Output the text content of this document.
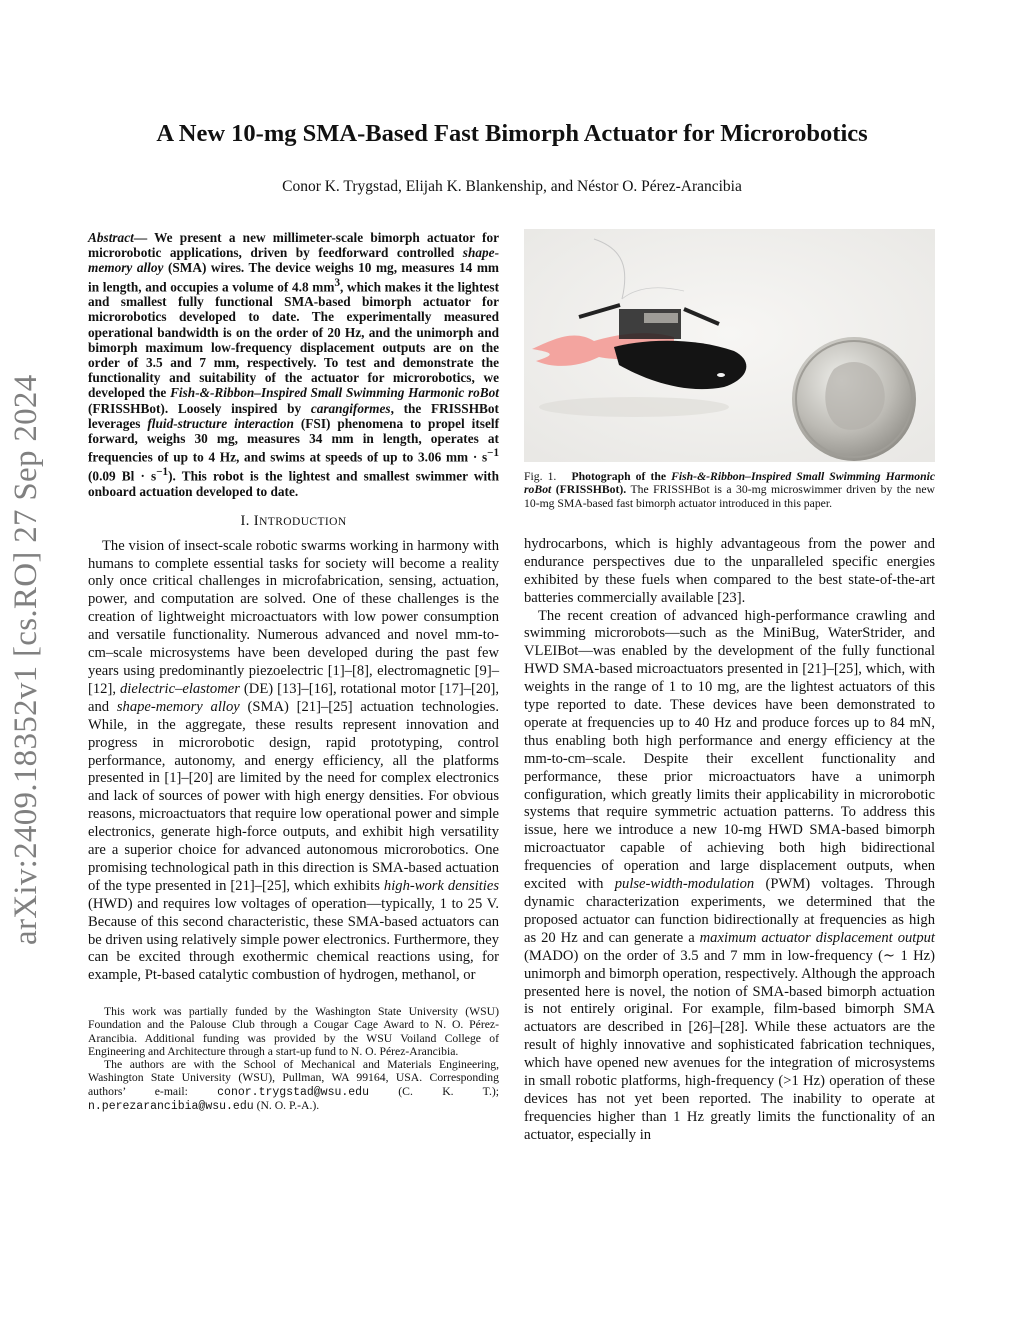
A New 10-mg SMA-Based Fast Bimorph Actuator for Microrobotics
Conor K. Trygstad, Elijah K. Blankenship, and Néstor O. Pérez-Arancibia
arXiv:2409.18352v1 [cs.RO] 27 Sep 2024

Abstract— We present a new millimeter-scale bimorph actuator for microrobotic applications, driven by feedforward controlled shape-memory alloy (SMA) wires. The device weighs 10 mg, measures 14 mm in length, and occupies a volume of 4.8 $mm^3$, which makes it the lightest and smallest fully functional SMA-based bimorph actuator for microrobotics developed to date. The experimentally measured operational bandwidth is on the order of 20 Hz, and the unimorph and bimorph maximum low-frequency displacement outputs are on the order of 3.5 and 7 mm, respectively. To test and demonstrate the functionality and suitability of the actuator for microrobotics, we developed the Fish-&-Ribbon–Inspired Small Swimming Harmonic roBot (FRISSHBot). Loosely inspired by carangiformes, the FRISSHBot leverages fluid-structure interaction (FSI) phenomena to propel itself forward, weighs 30 mg, measures 34 mm in length, operates at frequencies of up to 4 Hz, and swims at speeds of up to 3.06 mm · $s^{-1}$ (0.09 $Bl \cdot s^{-1}$). This robot is the lightest and smallest swimmer with onboard actuation developed to date.

I. INTRODUCTION

The vision of insect-scale robotic swarms working in harmony with humans to complete essential tasks for society will become a reality only once critical challenges in microfabrication, sensing, actuation, power, and computation are solved. One of these challenges is the creation of lightweight microactuators with low power consumption and versatile functionality. Numerous advanced and novel mm-to-cm–scale microsystems have been developed during the past few years using predominantly piezoelectric [1]–[8], electromagnetic [9]–[12], dielectric–elastomer (DE) [13]–[16], rotational motor [17]–[20], and shape-memory alloy (SMA) [21]–[25] actuation technologies. While, in the aggregate, these results represent innovation and progress in microrobotic design, rapid prototyping, control performance, autonomy, and energy efficiency, all the platforms presented in [1]–[20] are limited by the need for complex electronics and lack of sources of power with high energy densities. For obvious reasons, microactuators that require low operational power and simple electronics, generate high-force outputs, and exhibit high versatility are a superior choice for advanced autonomous microrobotics. One promising technological path in this direction is SMA-based actuation of the type presented in [21]–[25], which exhibits high-work densities (HWD) and requires low voltages of operation—typically, 1 to 25 V. Because of this second characteristic, these SMA-based actuators can be driven using relatively simple power electronics. Furthermore, they can be excited through exothermic chemical reactions using, for example, Pt-based catalytic combustion of hydrogen, methanol, or

This work was partially funded by the Washington State University (WSU) Foundation and the Palouse Club through a Cougar Cage Award to N. O. Pérez-Arancibia. Additional funding was provided by the WSU Voiland College of Engineering and Architecture through a start-up fund to N. O. Pérez-Arancibia.

The authors are with the School of Mechanical and Materials Engineering, Washington State University (WSU), Pullman, WA 99164, USA. Corresponding authors’ e-mail: conor.trygstad@wsu.edu (C. K. T.); n.perezarancibia@wsu.edu (N. O. P.-A.).

Fig. 1. Photograph of the Fish-&-Ribbon–Inspired Small Swimming Harmonic roBot (FRISSHBot). The FRISSHBot is a 30-mg microswimmer driven by the new 10-mg SMA-based fast bimorph actuator introduced in this paper.

hydrocarbons, which is highly advantageous from the power and endurance perspectives due to the unparalleled specific energies exhibited by these fuels when compared to the best state-of-the-art batteries commercially available [23].

The recent creation of advanced high-performance crawling and swimming microrobots—such as the MiniBug, WaterStrider, and VLEIBot—was enabled by the development of the fully functional HWD SMA-based microactuators presented in [21]–[25], which, with weights in the range of 1 to 10 mg, are the lightest actuators of this type reported to date. These devices have been demonstrated to operate at frequencies up to 40 Hz and produce forces up to 84 mN, thus enabling both high performance and energy efficiency at the mm-to-cm–scale. Despite their excellent functionality and performance, these prior microactuators have a unimorph configuration, which greatly limits their applicability in microrobotic systems that require symmetric actuation patterns. To address this issue, here we introduce a new 10-mg HWD SMA-based bimorph microactuator capable of achieving both high bidirectional frequencies of operation and large displacement outputs, when excited with pulse-width-modulation (PWM) voltages. Through dynamic characterization experiments, we determined that the proposed actuator can function bidirectionally at frequencies as high as 20 Hz and can generate a maximum actuator displacement output (MADO) on the order of 3.5 and 7 mm in low-frequency (∼ 1 Hz) unimorph and bimorph operation, respectively. Although the approach presented here is novel, the notion of SMA-based bimorph actuation is not entirely original. For example, film-based bimorph SMA actuators are described in [26]–[28]. While these actuators are the result of highly innovative and sophisticated fabrication techniques, which have opened new avenues for the integration of microsystems in small robotic platforms, high-frequency (>1 Hz) operation of these devices has not yet been reported. The inability to operate at frequencies higher than 1 Hz greatly limits the functionality of an actuator, especially in
